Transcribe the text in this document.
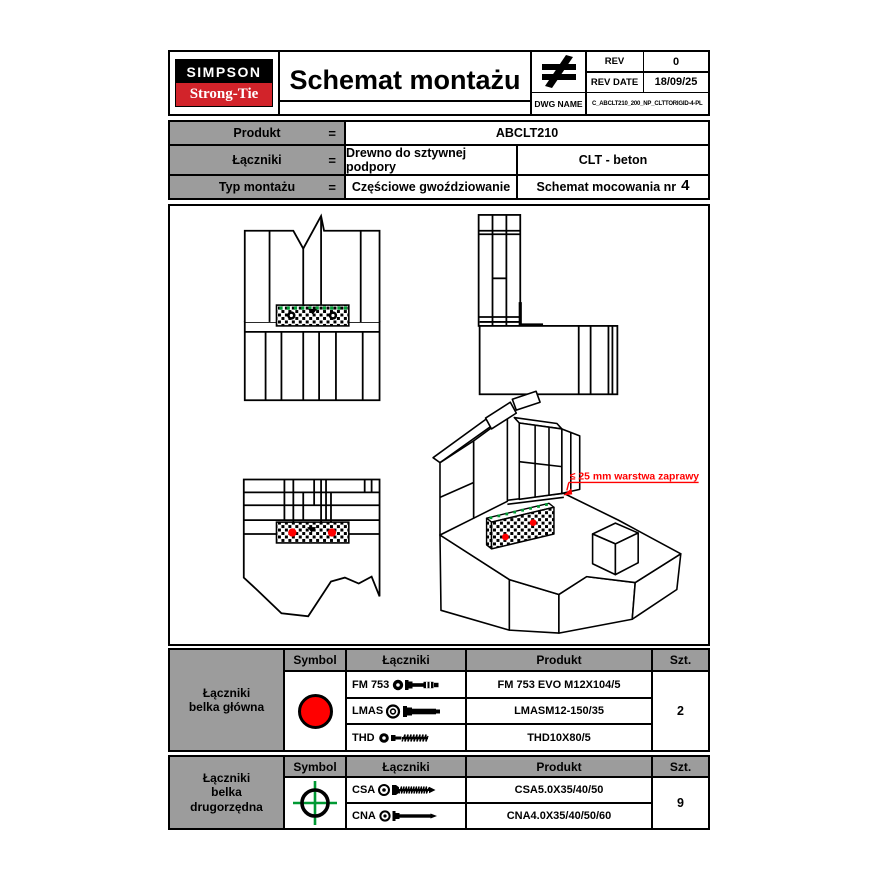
SIMPSON
Strong-Tie	Schemat montażu
REV	0
REV DATE	18/09/25
DWG NAME	C_ABCLT210_200_NP_CLTTORIGID-4-PL
Produkt	=	ABCLT210
Łączniki	= Drewno do sztywnej podpory	CLT - beton
Typ montażu	=	Częściowe gwoździowanie	Schemat mocowania nr 4
≤ 25 mm warstwa zaprawy
Łączniki
belka główna
Symbol	Łączniki	Produkt	Szt.
FM 753	FM 753 EVO M12X104/5
LMAS	LMASM12-150/35
THD	THD10X80/5
2
Łączniki
belka
drugorzędna
Symbol	Łączniki	Produkt	Szt.
CSA	CSA5.0X35/40/50
CNA	CNA4.0X35/40/50/60
9
